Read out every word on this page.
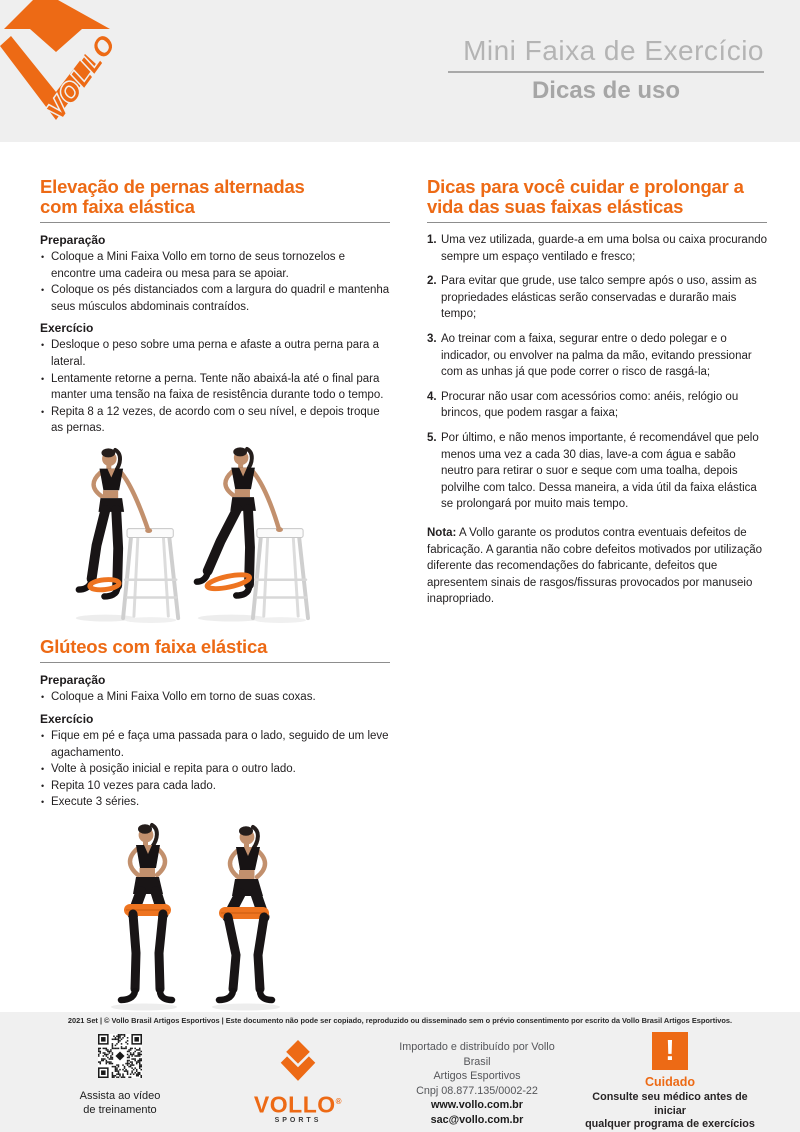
VOLLO	Mini Faixa de Exercício
Dicas de uso
Elevação de pernas alternadas
com faixa elástica
Preparação
• Coloque a Mini Faixa Vollo em torno de seus tornozelos e encontre uma cadeira ou mesa para se apoiar.
• Coloque os pés distanciados com a largura do quadril e mantenha seus músculos abdominais contraídos.
Exercício
• Desloque o peso sobre uma perna e afaste a outra perna para a lateral.
• Lentamente retorne a perna. Tente não abaixá-la até o final para manter uma tensão na faixa de resistência durante todo o tempo.
• Repita 8 a 12 vezes, de acordo com o seu nível, e depois troque as pernas.
Glúteos com faixa elástica
Preparação
• Coloque a Mini Faixa Vollo em torno de suas coxas.
Exercício
• Fique em pé e faça uma passada para o lado, seguido de um leve agachamento.
• Volte à posição inicial e repita para o outro lado.
• Repita 10 vezes para cada lado.
• Execute 3 séries.
Dicas para você cuidar e prolongar a
vida das suas faixas elásticas
1. Uma vez utilizada, guarde-a em uma bolsa ou caixa procurando sempre um espaço ventilado e fresco;
2. Para evitar que grude, use talco sempre após o uso, assim as propriedades elásticas serão conservadas e durarão mais tempo;
3. Ao treinar com a faixa, segurar entre o dedo polegar e o indicador, ou envolver na palma da mão, evitando pressionar com as unhas já que pode correr o risco de rasgá-la;
4. Procurar não usar com acessórios como: anéis, relógio ou brincos, que podem rasgar a faixa;
5. Por último, e não menos importante, é recomendável que pelo menos uma vez a cada 30 dias, lave-a com água e sabão neutro para retirar o suor e seque com uma toalha, depois polvilhe com talco. Dessa maneira, a vida útil da faixa elástica se prolongará por muito mais tempo.

Nota: A Vollo garante os produtos contra eventuais defeitos de fabricação. A garantia não cobre defeitos motivados por utilização diferente das recomendações do fabricante, defeitos que apresentem sinais de rasgos/fissuras provocados por manuseio inapropriado.

2021 Set | © Vollo Brasil Artigos Esportivos | Este documento não pode ser copiado, reproduzido ou disseminado sem o prévio consentimento por escrito da Vollo Brasil Artigos Esportivos.
Assista ao vídeo
de treinamento	VOLLO®
SPORTS
Importado e distribuído por Vollo Brasil
Artigos Esportivos
Cnpj 08.877.135/0002-22
www.vollo.com.br
sac@vollo.com.br
!
Cuidado
Consulte seu médico antes de iniciar
qualquer programa de exercícios
